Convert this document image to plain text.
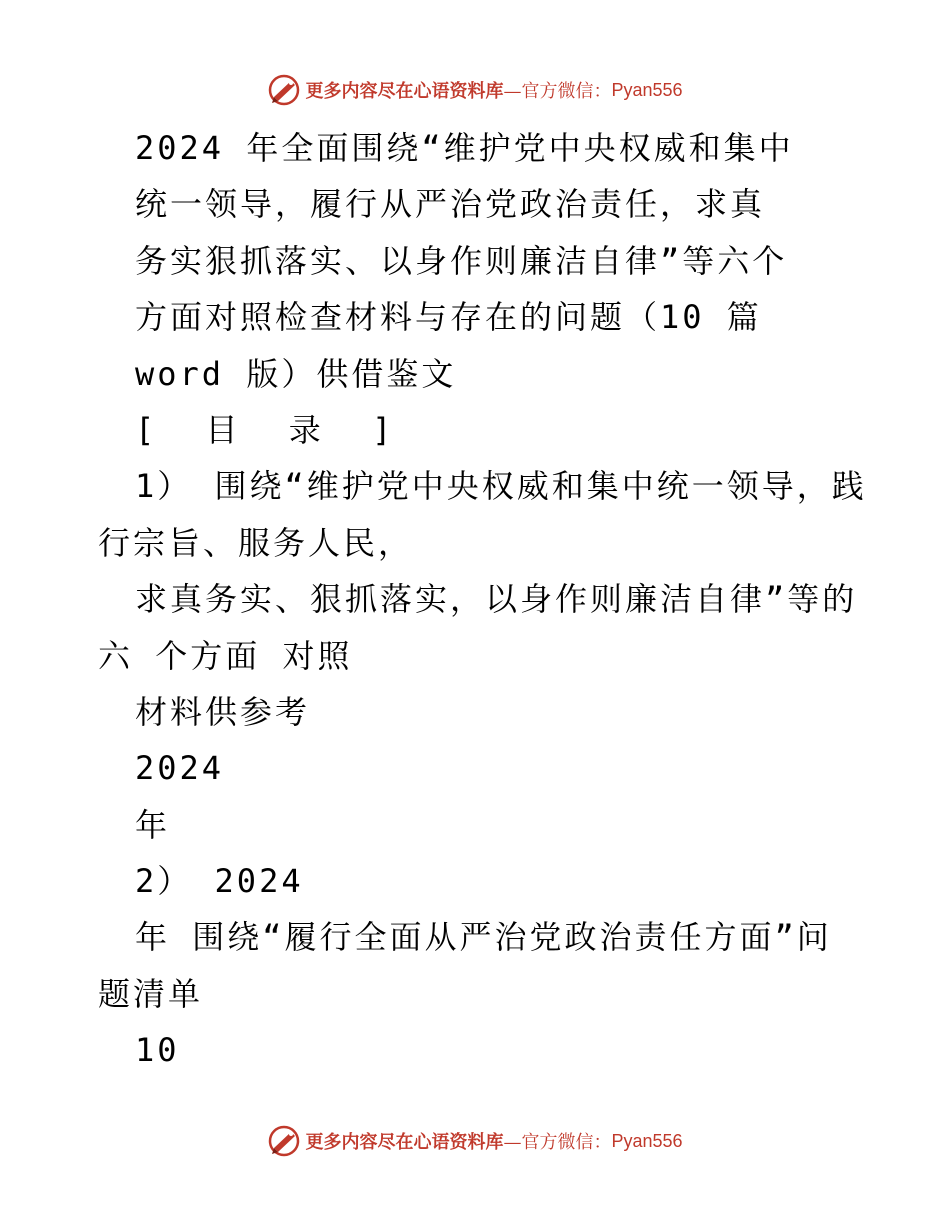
更多内容尽在心语资料库 —官方微信： Pyan556
2024 年全面围绕“维护党中央权威和集中
统一领导，履行从严治党政治责任，求真
务实狠抓落实、以身作则廉洁自律”等六个
方面对照检查材料与存在的问题（10 篇
word 版）供借鉴文
[ 目 录 ]
1） 围绕“维护党中央权威和集中统一领导，践
行宗旨、服务人民，
求真务实、狠抓落实，以身作则廉洁自律”等的
六 个方面 对照
材料供参考
2024
年
2） 2024
年 围绕“履行全面从严治党政治责任方面”问
题清单
10
更多内容尽在心语资料库 —官方微信： Pyan556
